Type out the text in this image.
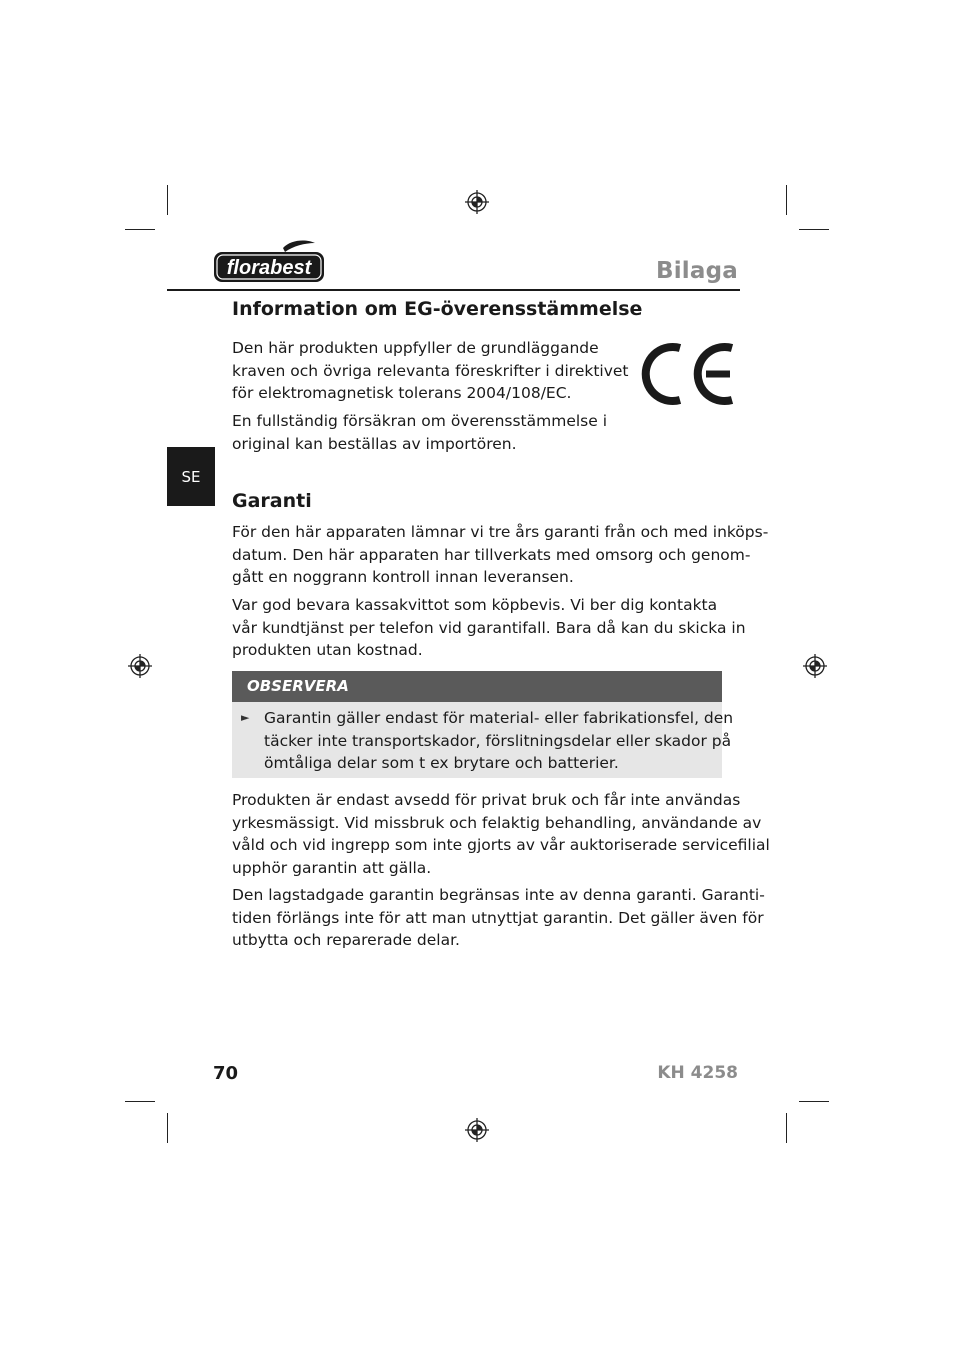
florabest	Bilaga
SE
Information om EG-överensstämmelse

Den här produkten uppfyller de grundläggande

kraven och övriga relevanta föreskrifter i direktivet

för elektromagnetisk tolerans 2004/108/EC.

En fullständig försäkran om överensstämmelse i

original kan beställas av importören.

Garanti

För den här apparaten lämnar vi tre års garanti från och med inköps-

datum. Den här apparaten har tillverkats med omsorg och genom-

gått en noggrann kontroll innan leveransen.

Var god bevara kassakvittot som köpbevis. Vi ber dig kontakta

vår kundtjänst per telefon vid garantifall. Bara då kan du skicka in

produkten utan kostnad.

OBSERVERA
► Garantin gäller endast för material- eller fabrikationsfel, den

täcker inte transportskador, förslitningsdelar eller skador på

ömtåliga delar som t ex brytare och batterier.

Produkten är endast avsedd för privat bruk och får inte användas

yrkesmässigt. Vid missbruk och felaktig behandling, användande av

våld och vid ingrepp som inte gjorts av vår auktoriserade servicefilial

upphör garantin att gälla.

Den lagstadgade garantin begränsas inte av denna garanti. Garanti-

tiden förlängs inte för att man utnyttjat garantin. Det gäller även för

utbytta och reparerade delar.

70	KH 4258
